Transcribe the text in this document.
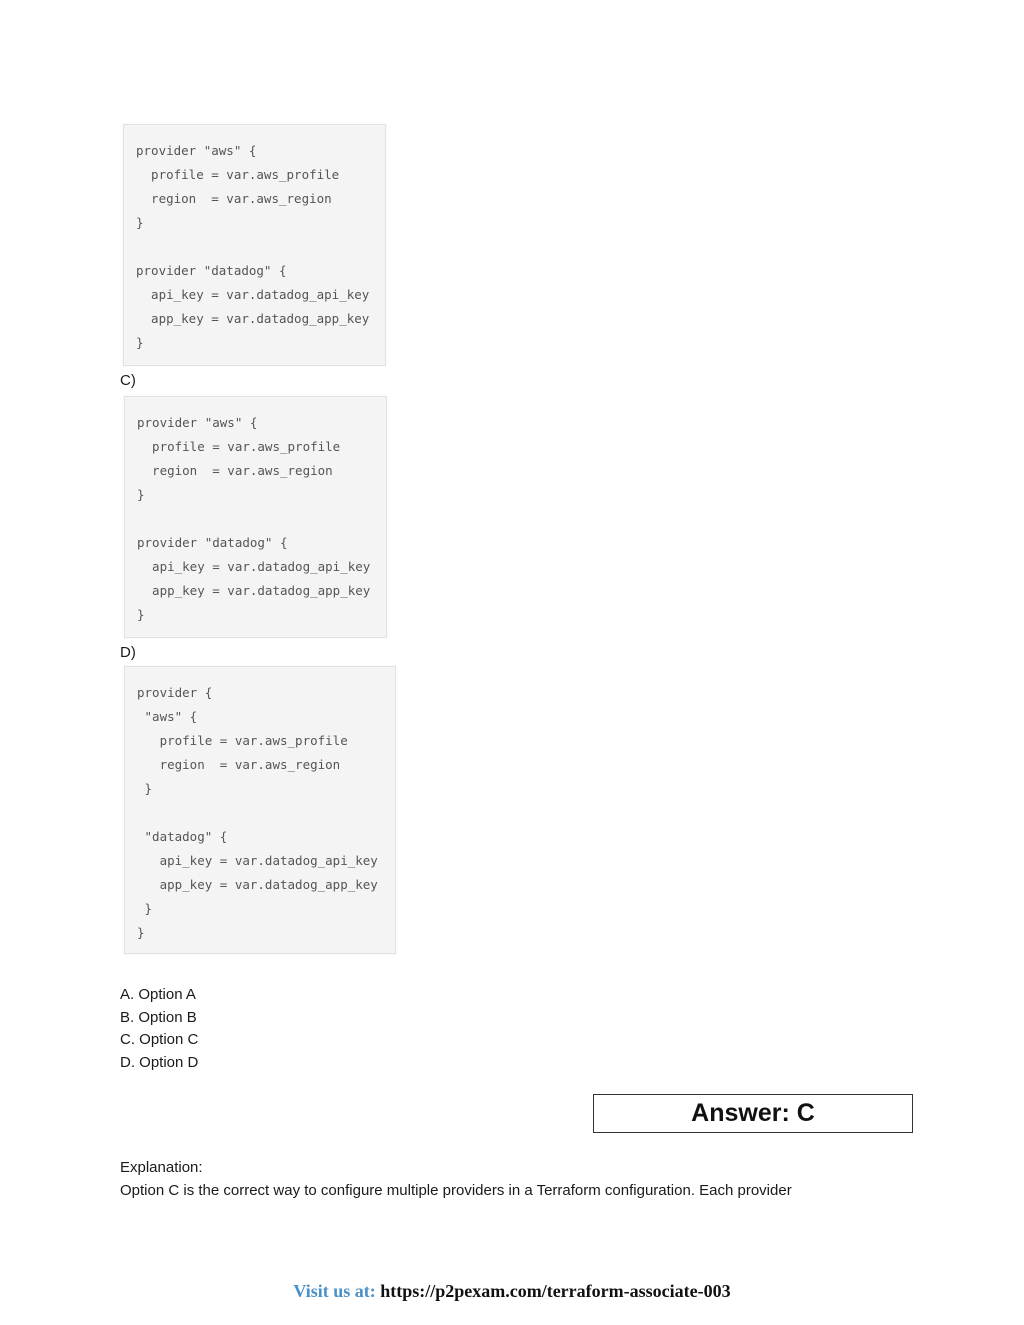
provider "aws" {
profile = var.aws_profile
region  = var.aws_region
}

provider "datadog" {
api_key = var.datadog_api_key
app_key = var.datadog_app_key
}
C)
provider "aws" {
profile = var.aws_profile
region  = var.aws_region
}

provider "datadog" {
api_key = var.datadog_api_key
app_key = var.datadog_app_key
}
D)
provider {
"aws" {
profile = var.aws_profile
region  = var.aws_region
}

"datadog" {
api_key = var.datadog_api_key
app_key = var.datadog_app_key
}
}
A. Option A
B. Option B
C. Option C
D. Option D
Answer: C
Explanation:
Option C is the correct way to configure multiple providers in a Terraform configuration. Each provider
Visit us at: https://p2pexam.com/terraform-associate-003
